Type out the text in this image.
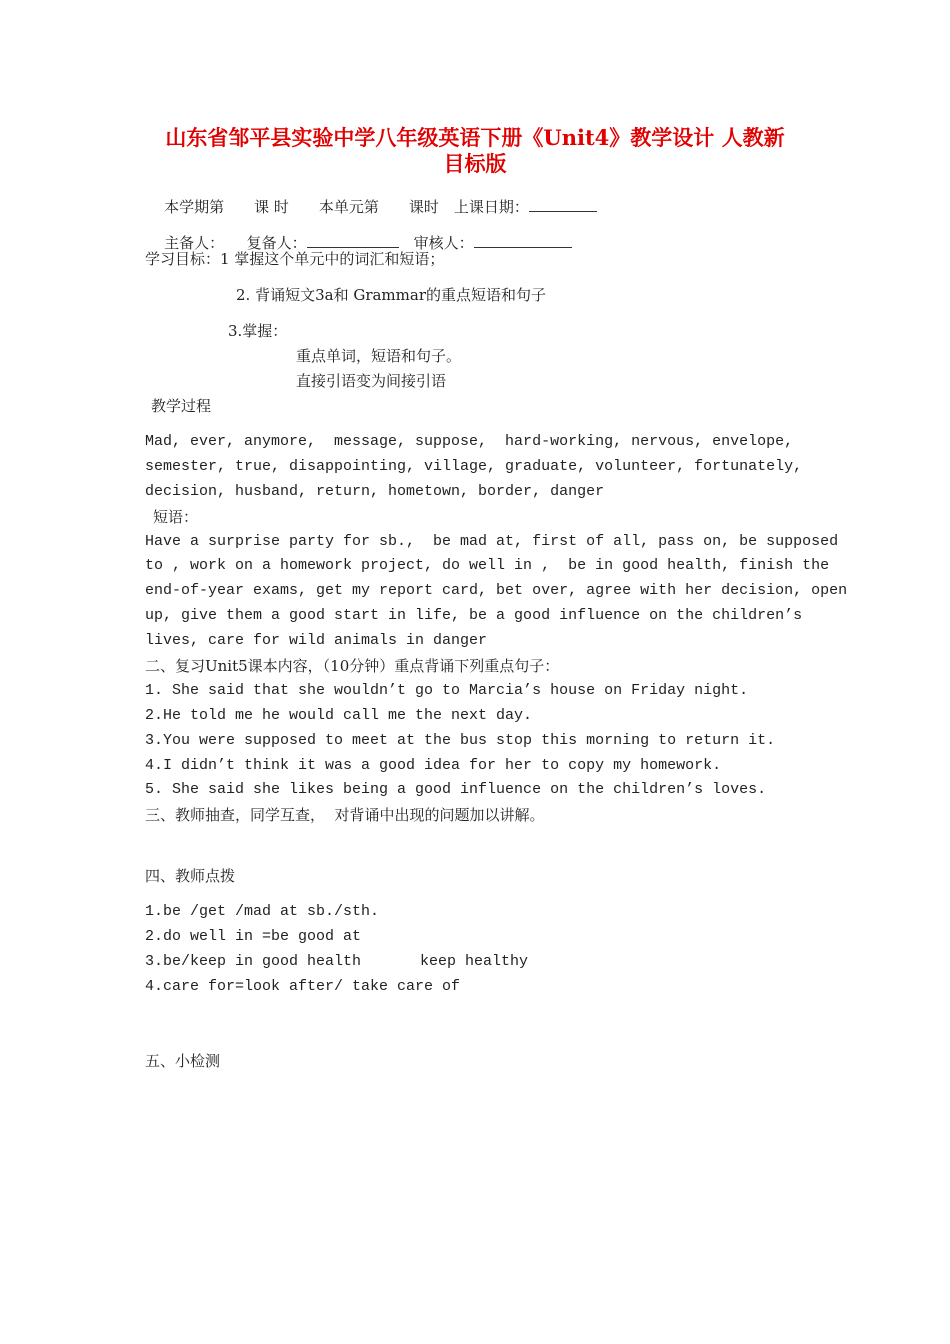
山东省邹平县实验中学八年级英语下册《Unit4》教学设计 人教新
目标版

本学期第　　课 时　　本单元第　　课时　上课日期：

主备人：　　复备人：	　审核人：

学习目标：1 掌握这个单元中的词汇和短语；
2. 背诵短文3a和 Grammar的重点短语和句子
3.掌握：
重点单词，短语和句子。
直接引语变为间接引语
教学过程
Mad, ever, anymore,  message, suppose,  hard-working, nervous, envelope,
semester, true, disappointing, village, graduate, volunteer, fortunately,
decision, husband, return, hometown, border, danger
短语：
Have a surprise party for sb.,  be mad at, first of all, pass on, be supposed
to , work on a homework project, do well in ,  be in good health, finish the
end-of-year exams, get my report card, bet over, agree with her decision, open
up, give them a good start in life, be a good influence on the children’s
lives, care for wild animals in danger
二、复习Unit5课本内容，（10分钟）重点背诵下列重点句子：
1. She said that she wouldn’t go to Marcia’s house on Friday night.
2.He told me he would call me the next day.
3.You were supposed to meet at the bus stop this morning to return it.
4.I didn’t think it was a good idea for her to copy my homework.
5. She said she likes being a good influence on the children’s loves.
三、教师抽查，同学互查，  对背诵中出现的问题加以讲解。
四、教师点拨
1.be /get /mad at sb./sth.
2.do well in =be good at
3.be/keep in good health	keep healthy
4.care for=look after/ take care of
五、小检测
